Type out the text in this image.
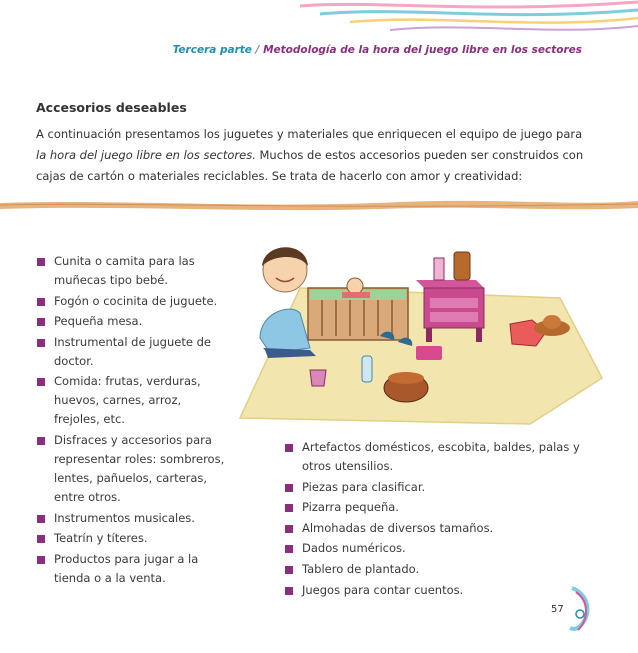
Tercera parte / Metodología de la hora del juego libre en los sectores
Accesorios deseables

A continuación presentamos los juguetes y materiales que enriquecen el equipo de juego para la hora del juego libre en los sectores. Muchos de estos accesorios pueden ser construidos con cajas de cartón o materiales reciclables. Se trata de hacerlo con amor y creatividad:

Cunita o camita para las muñecas tipo bebé.
Fogón o cocinita de juguete.
Pequeña mesa.
Instrumental de juguete de doctor.
Comida: frutas, verduras, huevos, carnes, arroz, frejoles, etc.
Disfraces y accesorios para representar roles: sombreros, lentes, pañuelos, carteras, entre otros.
Instrumentos musicales.
Teatrín y títeres.
Productos para jugar a la tienda o a la venta.
Artefactos domésticos, escobita, baldes, palas y otros utensilios.
Piezas para clasificar.
Pizarra pequeña.
Almohadas de diversos tamaños.
Dados numéricos.
Tablero de plantado.
Juegos para contar cuentos.
57
